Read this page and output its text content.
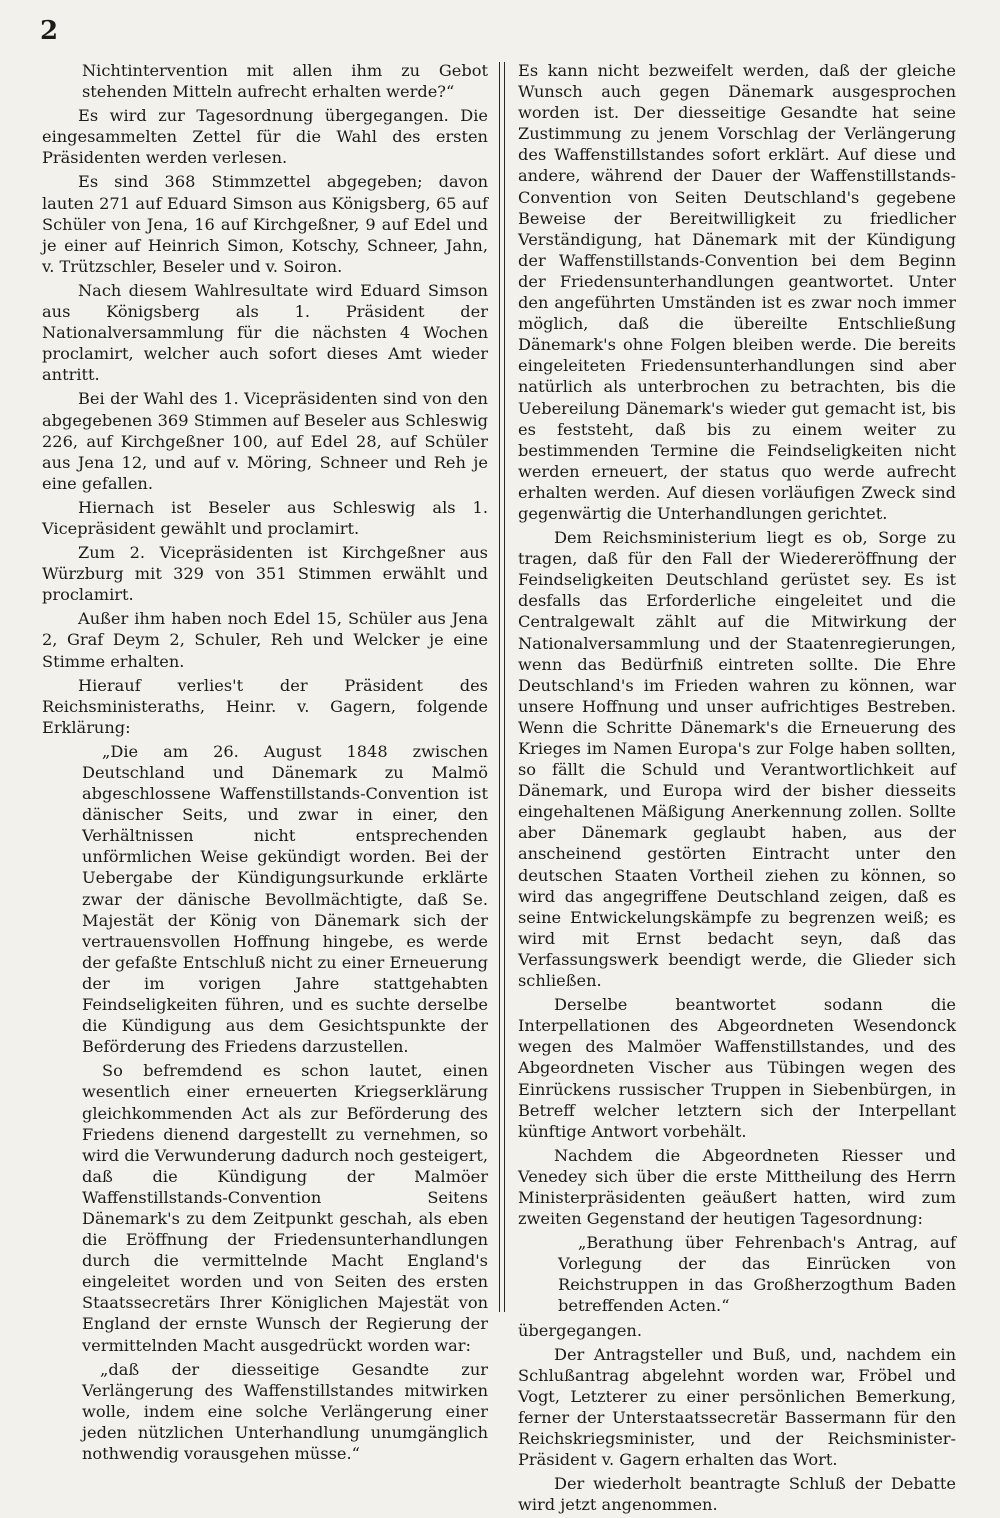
2

Nichtintervention mit allen ihm zu Gebot stehenden Mitteln aufrecht erhalten werde?“

Es wird zur Tagesordnung übergegangen. Die eingesammelten Zettel für die Wahl des ersten Präsidenten werden verlesen.

Es sind 368 Stimmzettel abgegeben; davon lauten 271 auf Eduard Simson aus Königsberg, 65 auf Schüler von Jena, 16 auf Kirchgeßner, 9 auf Edel und je einer auf Heinrich Simon, Kotschy, Schneer, Jahn, v. Trützschler, Beseler und v. Soiron.

Nach diesem Wahlresultate wird Eduard Simson aus Königsberg als 1. Präsident der Nationalversammlung für die nächsten 4 Wochen proclamirt, welcher auch sofort dieses Amt wieder antritt.

Bei der Wahl des 1. Vicepräsidenten sind von den abgegebenen 369 Stimmen auf Beseler aus Schleswig 226, auf Kirchgeßner 100, auf Edel 28, auf Schüler aus Jena 12, und auf v. Möring, Schneer und Reh je eine gefallen.

Hiernach ist Beseler aus Schleswig als 1. Vicepräsident gewählt und proclamirt.

Zum 2. Vicepräsidenten ist Kirchgeßner aus Würzburg mit 329 von 351 Stimmen erwählt und proclamirt.

Außer ihm haben noch Edel 15, Schüler aus Jena 2, Graf Deym 2, Schuler, Reh und Welcker je eine Stimme erhalten.

Hierauf verlies't der Präsident des Reichsministeraths, Heinr. v. Gagern, folgende Erklärung:

„Die am 26. August 1848 zwischen Deutschland und Dänemark zu Malmö abgeschlossene Waffenstillstands-Convention ist dänischer Seits, und zwar in einer, den Verhältnissen nicht entsprechenden unförmlichen Weise gekündigt worden. Bei der Uebergabe der Kündigungsurkunde erklärte zwar der dänische Bevollmächtigte, daß Se. Majestät der König von Dänemark sich der vertrauensvollen Hoffnung hingebe, es werde der gefaßte Entschluß nicht zu einer Erneuerung der im vorigen Jahre stattgehabten Feindseligkeiten führen, und es suchte derselbe die Kündigung aus dem Gesichtspunkte der Beförderung des Friedens darzustellen.

So befremdend es schon lautet, einen wesentlich einer erneuerten Kriegserklärung gleichkommenden Act als zur Beförderung des Friedens dienend dargestellt zu vernehmen, so wird die Verwunderung dadurch noch gesteigert, daß die Kündigung der Malmöer Waffenstillstands-Convention Seitens Dänemark's zu dem Zeitpunkt geschah, als eben die Eröffnung der Friedensunterhandlungen durch die vermittelnde Macht England's eingeleitet worden und von Seiten des ersten Staatssecretärs Ihrer Königlichen Majestät von England der ernste Wunsch der Regierung der vermittelnden Macht ausgedrückt worden war:

„daß der diesseitige Gesandte zur Verlängerung des Waffenstillstandes mitwirken wolle, indem eine solche Verlängerung einer jeden nützlichen Unterhandlung unumgänglich nothwendig vorausgehen müsse.“

Es kann nicht bezweifelt werden, daß der gleiche Wunsch auch gegen Dänemark ausgesprochen worden ist. Der diesseitige Gesandte hat seine Zustimmung zu jenem Vorschlag der Verlängerung des Waffenstillstandes sofort erklärt. Auf diese und andere, während der Dauer der Waffenstillstands-Convention von Seiten Deutschland's gegebene Beweise der Bereitwilligkeit zu friedlicher Verständigung, hat Dänemark mit der Kündigung der Waffenstillstands-Convention bei dem Beginn der Friedensunterhandlungen geantwortet. Unter den angeführten Umständen ist es zwar noch immer möglich, daß die übereilte Entschließung Dänemark's ohne Folgen bleiben werde. Die bereits eingeleiteten Friedensunterhandlungen sind aber natürlich als unterbrochen zu betrachten, bis die Uebereilung Dänemark's wieder gut gemacht ist, bis es feststeht, daß bis zu einem weiter zu bestimmenden Termine die Feindseligkeiten nicht werden erneuert, der status quo werde aufrecht erhalten werden. Auf diesen vorläufigen Zweck sind gegenwärtig die Unterhandlungen gerichtet.

Dem Reichsministerium liegt es ob, Sorge zu tragen, daß für den Fall der Wiedereröffnung der Feindseligkeiten Deutschland gerüstet sey. Es ist desfalls das Erforderliche eingeleitet und die Centralgewalt zählt auf die Mitwirkung der Nationalversammlung und der Staatenregierungen, wenn das Bedürfniß eintreten sollte. Die Ehre Deutschland's im Frieden wahren zu können, war unsere Hoffnung und unser aufrichtiges Bestreben. Wenn die Schritte Dänemark's die Erneuerung des Krieges im Namen Europa's zur Folge haben sollten, so fällt die Schuld und Verantwortlichkeit auf Dänemark, und Europa wird der bisher diesseits eingehaltenen Mäßigung Anerkennung zollen. Sollte aber Dänemark geglaubt haben, aus der anscheinend gestörten Eintracht unter den deutschen Staaten Vortheil ziehen zu können, so wird das angegriffene Deutschland zeigen, daß es seine Entwickelungskämpfe zu begrenzen weiß; es wird mit Ernst bedacht seyn, daß das Verfassungswerk beendigt werde, die Glieder sich schließen.

Derselbe beantwortet sodann die Interpellationen des Abgeordneten Wesendonck wegen des Malmöer Waffenstillstandes, und des Abgeordneten Vischer aus Tübingen wegen des Einrückens russischer Truppen in Siebenbürgen, in Betreff welcher letztern sich der Interpellant künftige Antwort vorbehält.

Nachdem die Abgeordneten Riesser und Venedey sich über die erste Mittheilung des Herrn Ministerpräsidenten geäußert hatten, wird zum zweiten Gegenstand der heutigen Tagesordnung:

„Berathung über Fehrenbach's Antrag, auf Vorlegung der das Einrücken von Reichstruppen in das Großherzogthum Baden betreffenden Acten.“

übergegangen.

Der Antragsteller und Buß, und, nachdem ein Schlußantrag abgelehnt worden war, Fröbel und Vogt, Letzterer zu einer persönlichen Bemerkung, ferner der Unterstaatssecretär Bassermann für den Reichskriegsminister, und der Reichsminister-Präsident v. Gagern erhalten das Wort.

Der wiederholt beantragte Schluß der Debatte wird jetzt angenommen.
